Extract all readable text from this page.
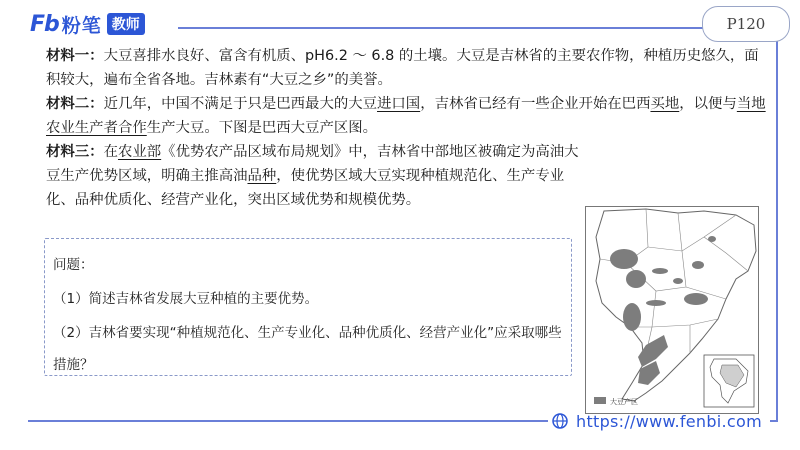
Fb 粉笔 教师	P120

材料一：大豆喜排水良好、富含有机质、pH6.2 ～ 6.8 的土壤。大豆是吉林省的主要农作物，种植历史悠久，面积较大，遍布全省各地。吉林素有“大豆之乡”的美誉。

材料二：近几年，中国不满足于只是巴西最大的大豆进口国，吉林省已经有一些企业开始在巴西买地，以便与当地农业生产者合作生产大豆。下图是巴西大豆产区图。

材料三：在农业部《优势农产品区域布局规划》中，吉林省中部地区被确定为高油大豆生产优势区域，明确主推高油品种，使优势区域大豆实现种植规范化、生产专业化、品种优质化、经营产业化，突出区域优势和规模优势。

大豆产区
问题：
（1）简述吉林省发展大豆种植的主要优势。
（2）吉林省要实现“种植规范化、生产专业化、品种优质化、经营产业化”应采取哪些
措施？
https://www.fenbi.com
